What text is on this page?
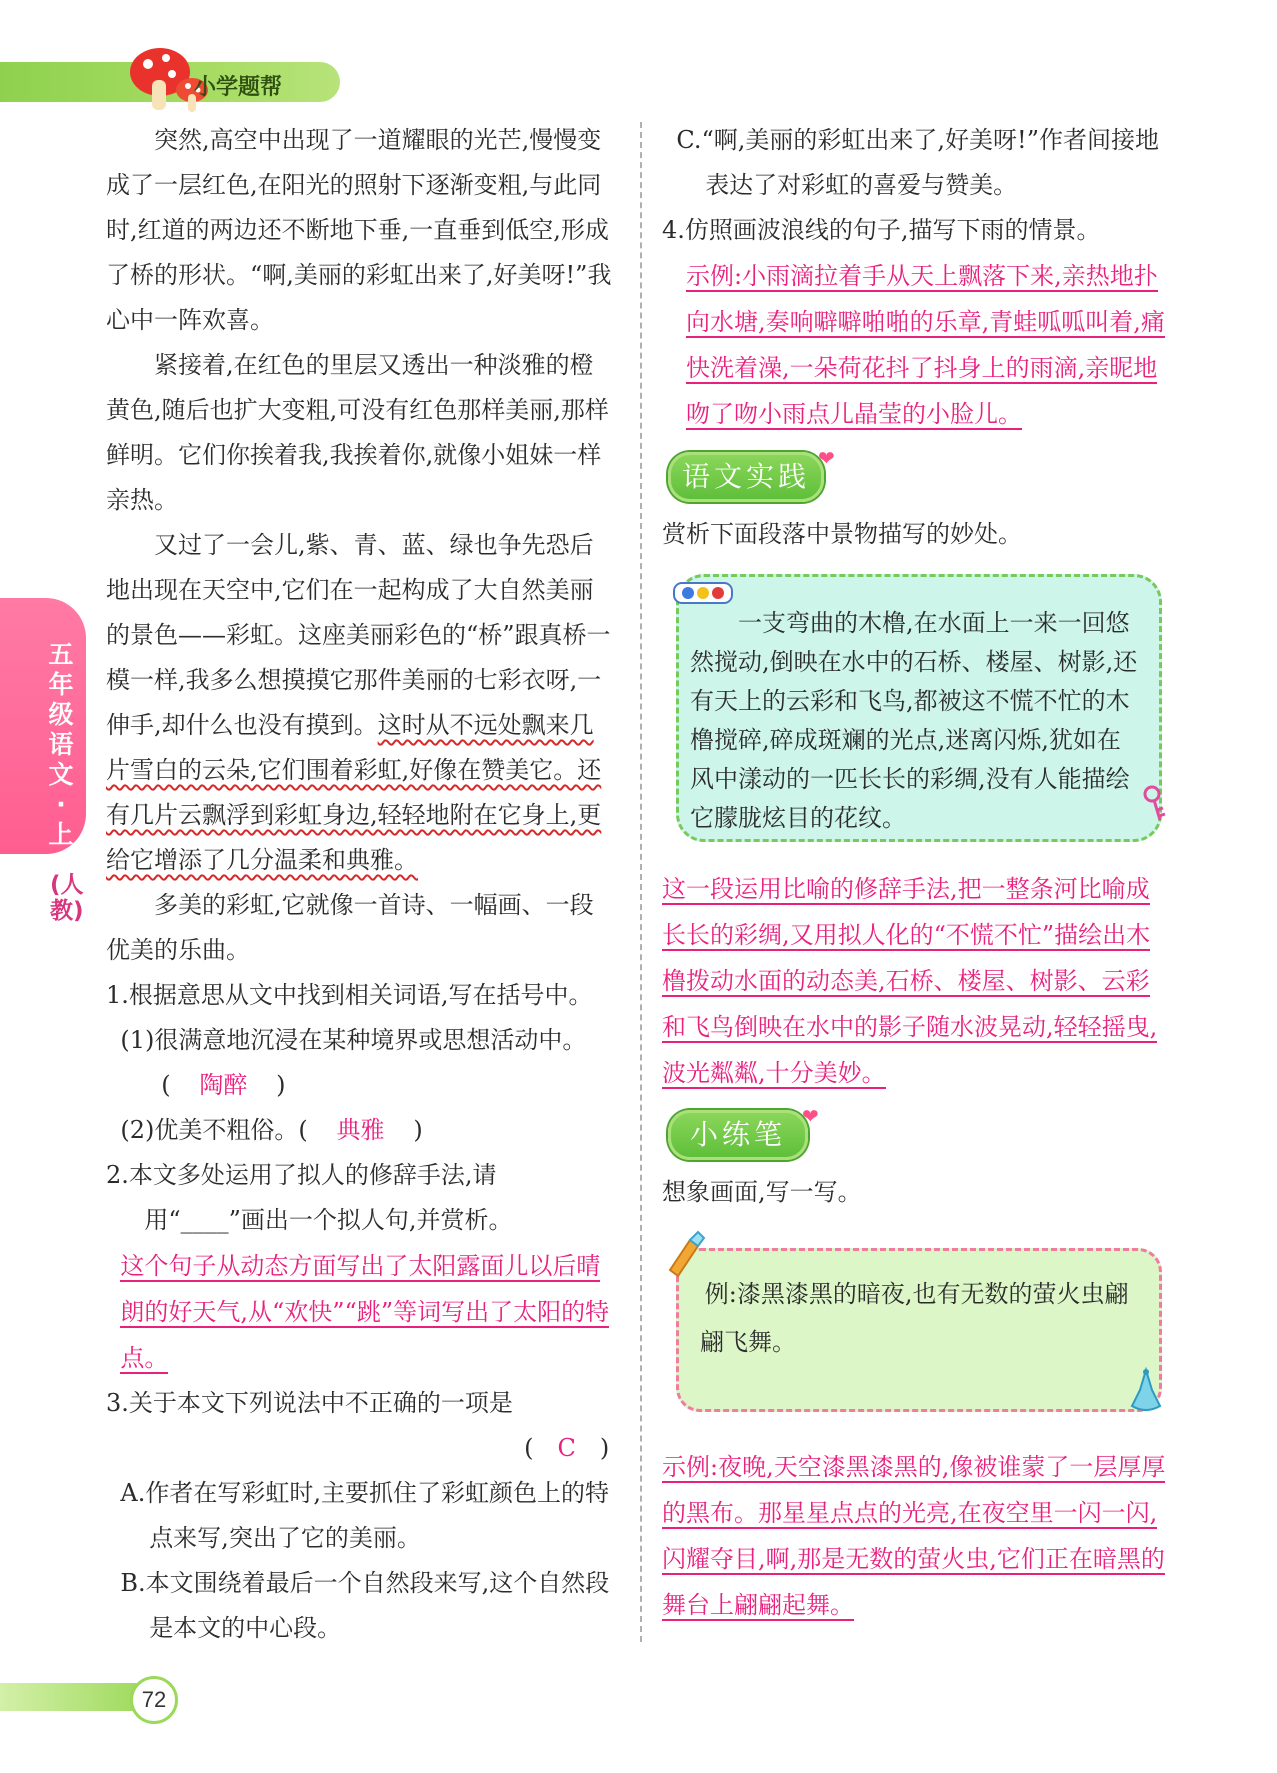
小学题帮
五年级语文·上
(人教)

突然,高空中出现了一道耀眼的光芒,慢慢变成了一层红色,在阳光的照射下逐渐变粗,与此同时,红道的两边还不断地下垂,一直垂到低空,形成了桥的形状。“啊,美丽的彩虹出来了,好美呀!”我心中一阵欢喜。

紧接着,在红色的里层又透出一种淡雅的橙黄色,随后也扩大变粗,可没有红色那样美丽,那样鲜明。它们你挨着我,我挨着你,就像小姐妹一样亲热。

又过了一会儿,紫、青、蓝、绿也争先恐后地出现在天空中,它们在一起构成了大自然美丽的景色——彩虹。这座美丽彩色的“桥”跟真桥一模一样,我多么想摸摸它那件美丽的七彩衣呀,一伸手,却什么也没有摸到。这时从不远处飘来几片雪白的云朵,它们围着彩虹,好像在赞美它。还有几片云飘浮到彩虹身边,轻轻地附在它身上,更给它增添了几分温柔和典雅。

多美的彩虹,它就像一首诗、一幅画、一段优美的乐曲。

1.根据意思从文中找到相关词语,写在括号中。

(1)很满意地沉浸在某种境界或思想活动中。

( 陶醉 )

(2)优美不粗俗。( 典雅 )

2.本文多处运用了拟人的修辞手法,请用“____”画出一个拟人句,并赏析。

这个句子从动态方面写出了太阳露面儿以后晴朗的好天气,从“欢快”“跳”等词写出了太阳的特点。

3.关于本文下列说法中不正确的一项是

( C )

A.作者在写彩虹时,主要抓住了彩虹颜色上的特点来写,突出了它的美丽。

B.本文围绕着最后一个自然段来写,这个自然段是本文的中心段。

C.“啊,美丽的彩虹出来了,好美呀!”作者间接地表达了对彩虹的喜爱与赞美。

4.仿照画波浪线的句子,描写下雨的情景。

示例:小雨滴拉着手从天上飘落下来,亲热地扑向水塘,奏响噼噼啪啪的乐章,青蛙呱呱叫着,痛快洗着澡,一朵荷花抖了抖身上的雨滴,亲昵地吻了吻小雨点儿晶莹的小脸儿。
语文实践
❤
赏析下面段落中景物描写的妙处。
一支弯曲的木橹,在水面上一来一回悠然搅动,倒映在水中的石桥、楼屋、树影,还有天上的云彩和飞鸟,都被这不慌不忙的木橹搅碎,碎成斑斓的光点,迷离闪烁,犹如在风中漾动的一匹长长的彩绸,没有人能描绘它朦胧炫目的花纹。
这一段运用比喻的修辞手法,把一整条河比喻成长长的彩绸,又用拟人化的“不慌不忙”描绘出木橹拨动水面的动态美,石桥、楼屋、树影、云彩和飞鸟倒映在水中的影子随水波晃动,轻轻摇曳,波光粼粼,十分美妙。
小练笔
❤
想象画面,写一写。
例:漆黑漆黑的暗夜,也有无数的萤火虫翩翩飞舞。
示例:夜晚,天空漆黑漆黑的,像被谁蒙了一层厚厚的黑布。那星星点点的光亮,在夜空里一闪一闪,闪耀夺目,啊,那是无数的萤火虫,它们正在暗黑的舞台上翩翩起舞。
72
